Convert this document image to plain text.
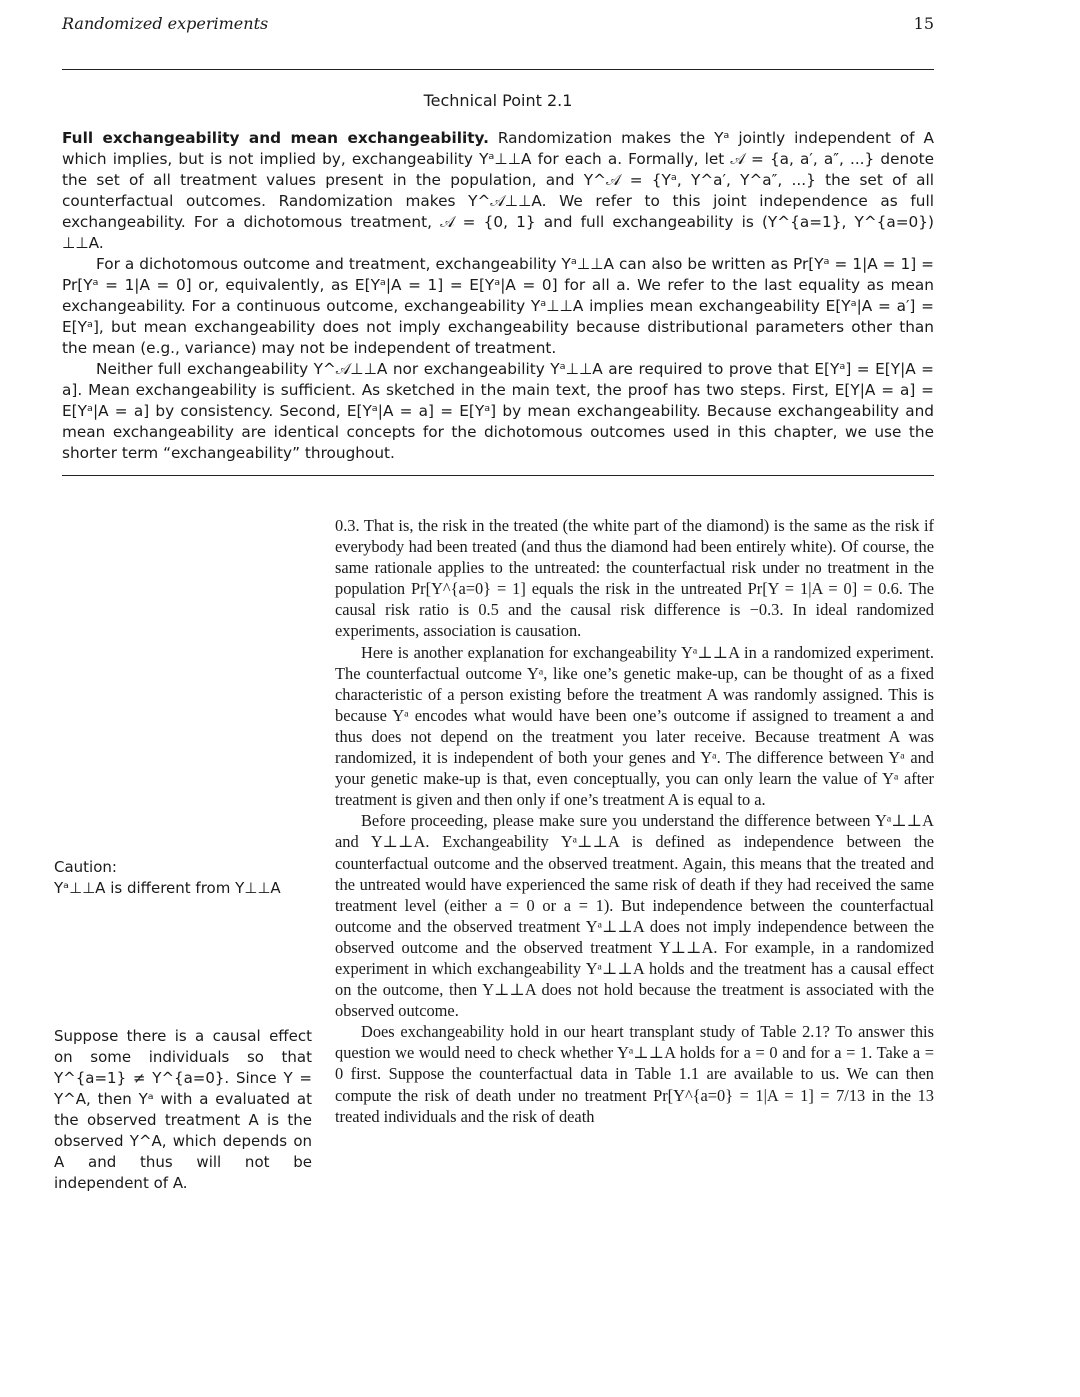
Randomized experiments	15
Technical Point 2.1

Full exchangeability and mean exchangeability. Randomization makes the Yᵃ jointly independent of A which implies, but is not implied by, exchangeability Yᵃ⊥⊥A for each a. Formally, let 𝒜 = {a, a′, a″, ...} denote the set of all treatment values present in the population, and Y^𝒜 = {Yᵃ, Y^a′, Y^a″, ...} the set of all counterfactual outcomes. Randomization makes Y^𝒜⊥⊥A. We refer to this joint independence as full exchangeability. For a dichotomous treatment, 𝒜 = {0, 1} and full exchangeability is (Y^{a=1}, Y^{a=0}) ⊥⊥A.

For a dichotomous outcome and treatment, exchangeability Yᵃ⊥⊥A can also be written as Pr[Yᵃ = 1|A = 1] = Pr[Yᵃ = 1|A = 0] or, equivalently, as E[Yᵃ|A = 1] = E[Yᵃ|A = 0] for all a. We refer to the last equality as mean exchangeability. For a continuous outcome, exchangeability Yᵃ⊥⊥A implies mean exchangeability E[Yᵃ|A = a′] = E[Yᵃ], but mean exchangeability does not imply exchangeability because distributional parameters other than the mean (e.g., variance) may not be independent of treatment.

Neither full exchangeability Y^𝒜⊥⊥A nor exchangeability Yᵃ⊥⊥A are required to prove that E[Yᵃ] = E[Y|A = a]. Mean exchangeability is sufficient. As sketched in the main text, the proof has two steps. First, E[Y|A = a] = E[Yᵃ|A = a] by consistency. Second, E[Yᵃ|A = a] = E[Yᵃ] by mean exchangeability. Because exchangeability and mean exchangeability are identical concepts for the dichotomous outcomes used in this chapter, we use the shorter term “exchangeability” throughout.

Caution:
Yᵃ⊥⊥A is different from Y⊥⊥A
Suppose there is a causal effect on some individuals so that Y^{a=1} ≠ Y^{a=0}. Since Y = Y^A, then Yᵃ with a evaluated at the observed treatment A is the observed Y^A, which depends on A and thus will not be independent of A.

0.3. That is, the risk in the treated (the white part of the diamond) is the same as the risk if everybody had been treated (and thus the diamond had been entirely white). Of course, the same rationale applies to the untreated: the counterfactual risk under no treatment in the population Pr[Y^{a=0} = 1] equals the risk in the untreated Pr[Y = 1|A = 0] = 0.6. The causal risk ratio is 0.5 and the causal risk difference is −0.3. In ideal randomized experiments, association is causation.

Here is another explanation for exchangeability Yᵃ⊥⊥A in a randomized experiment. The counterfactual outcome Yᵃ, like one’s genetic make-up, can be thought of as a fixed characteristic of a person existing before the treatment A was randomly assigned. This is because Yᵃ encodes what would have been one’s outcome if assigned to treament a and thus does not depend on the treatment you later receive. Because treatment A was randomized, it is independent of both your genes and Yᵃ. The difference between Yᵃ and your genetic make-up is that, even conceptually, you can only learn the value of Yᵃ after treatment is given and then only if one’s treatment A is equal to a.

Before proceeding, please make sure you understand the difference between Yᵃ⊥⊥A and Y⊥⊥A. Exchangeability Yᵃ⊥⊥A is defined as independence between the counterfactual outcome and the observed treatment. Again, this means that the treated and the untreated would have experienced the same risk of death if they had received the same treatment level (either a = 0 or a = 1). But independence between the counterfactual outcome and the observed treatment Yᵃ⊥⊥A does not imply independence between the observed outcome and the observed treatment Y⊥⊥A. For example, in a randomized experiment in which exchangeability Yᵃ⊥⊥A holds and the treatment has a causal effect on the outcome, then Y⊥⊥A does not hold because the treatment is associated with the observed outcome.

Does exchangeability hold in our heart transplant study of Table 2.1? To answer this question we would need to check whether Yᵃ⊥⊥A holds for a = 0 and for a = 1. Take a = 0 first. Suppose the counterfactual data in Table 1.1 are available to us. We can then compute the risk of death under no treatment Pr[Y^{a=0} = 1|A = 1] = 7/13 in the 13 treated individuals and the risk of death
